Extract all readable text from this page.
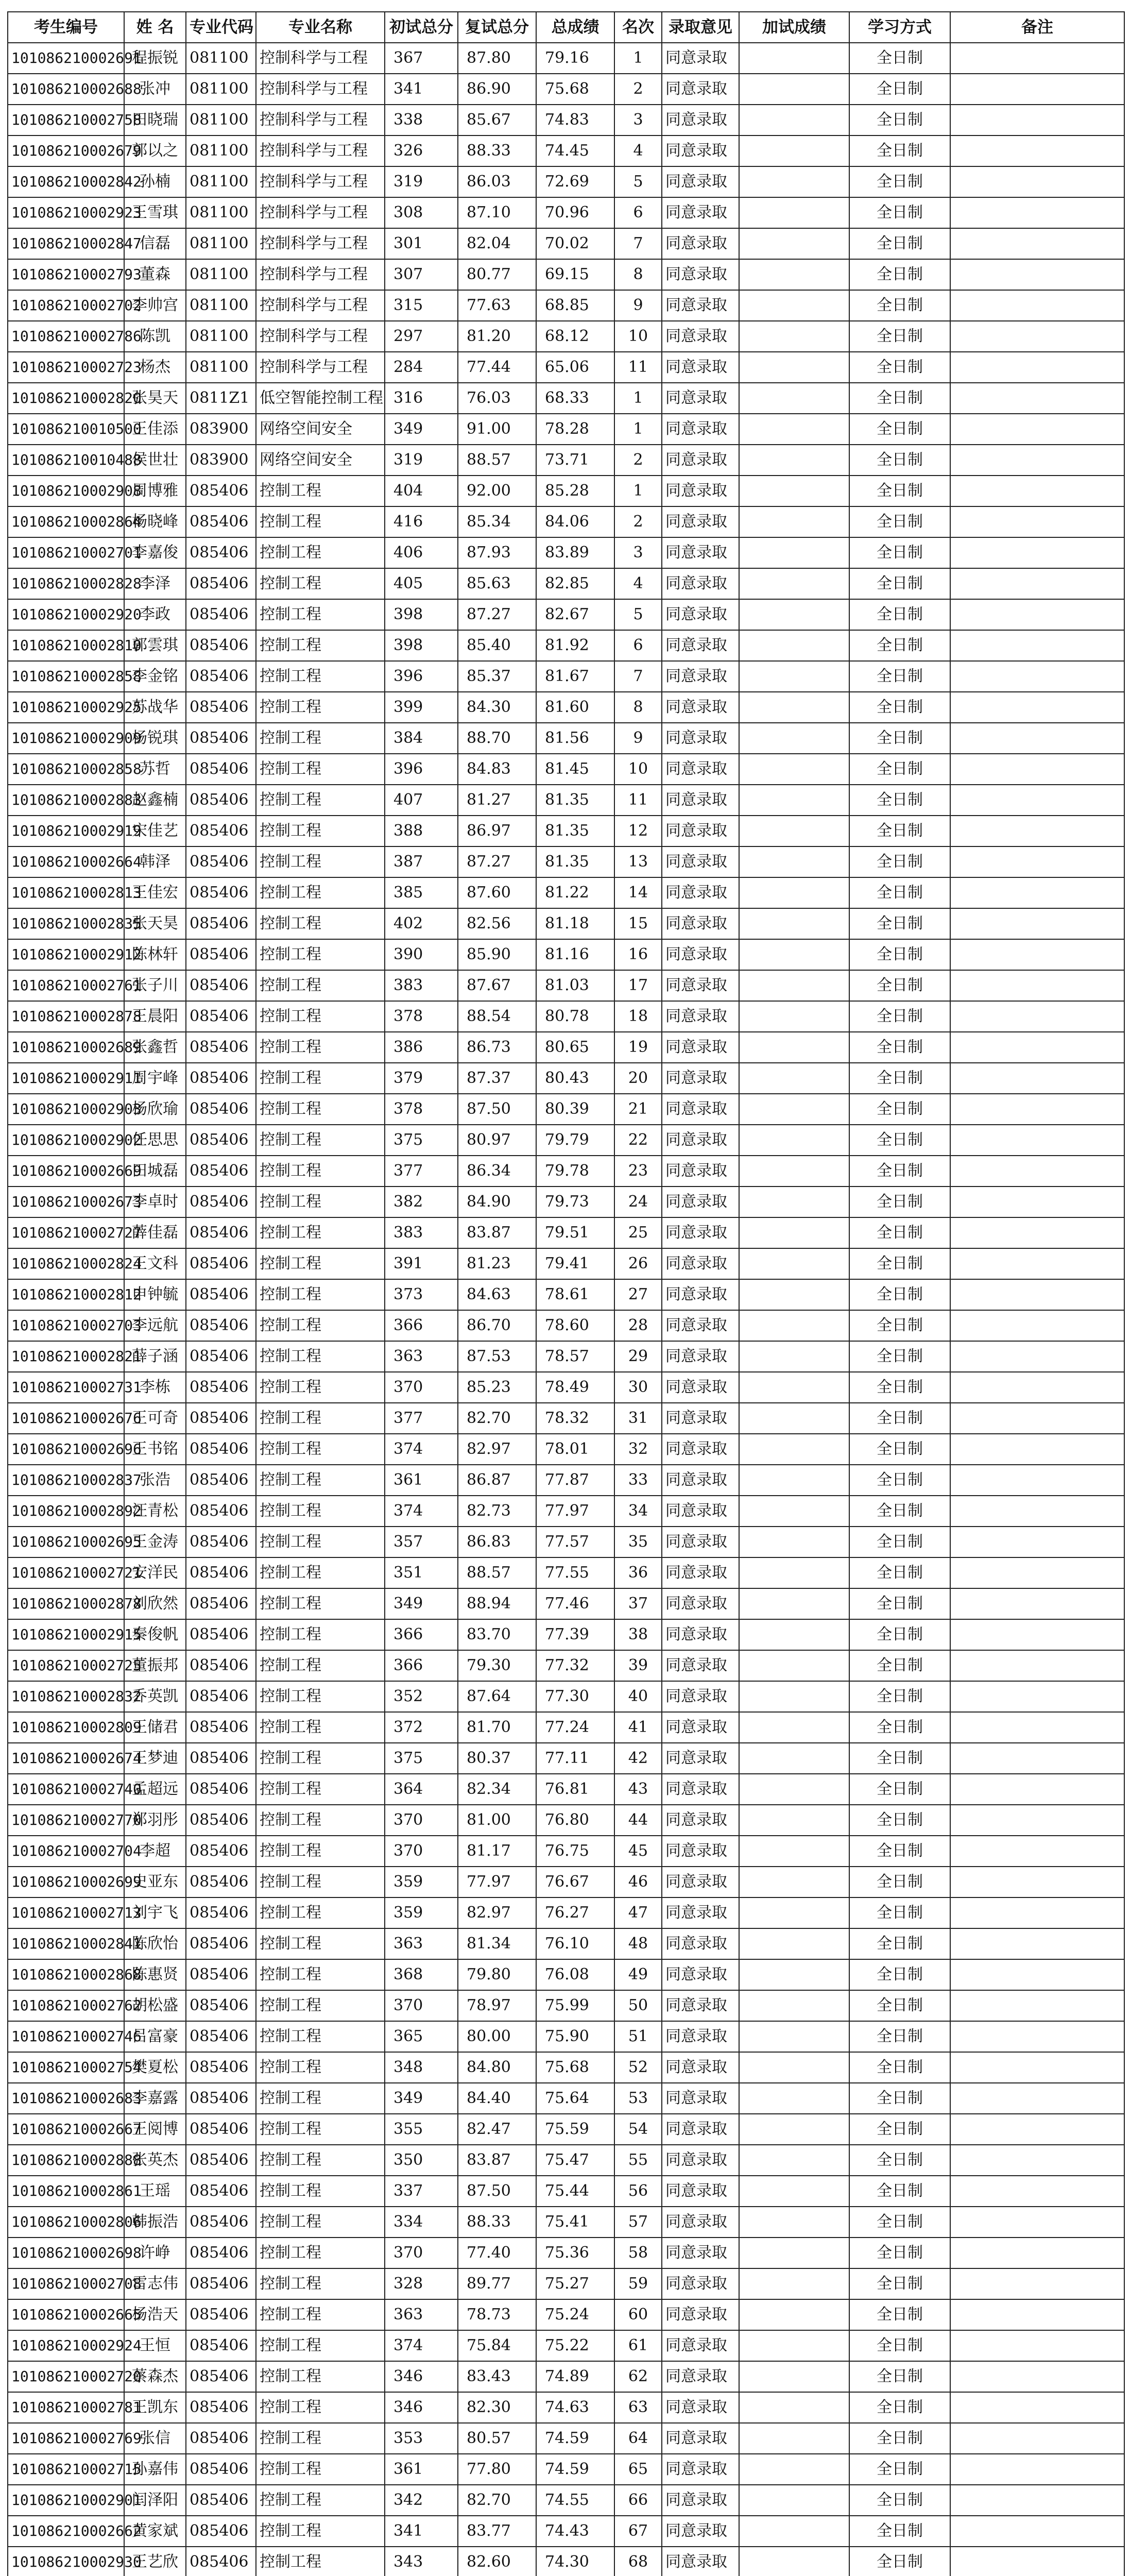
考生编号	姓 名	专业代码	专业名称	初试总分	复试总分	总成绩	名次	录取意见	加试成绩	学习方式	备注
101086210002691	程振锐	081100	控制科学与工程	367	87.80	79.16	1	同意录取		全日制	
101086210002688	张冲	081100	控制科学与工程	341	86.90	75.68	2	同意录取		全日制	
101086210002758	田晓瑞	081100	控制科学与工程	338	85.67	74.83	3	同意录取		全日制	
101086210002679	郭以之	081100	控制科学与工程	326	88.33	74.45	4	同意录取		全日制	
101086210002842	孙楠	081100	控制科学与工程	319	86.03	72.69	5	同意录取		全日制	
101086210002923	王雪琪	081100	控制科学与工程	308	87.10	70.96	6	同意录取		全日制	
101086210002847	信磊	081100	控制科学与工程	301	82.04	70.02	7	同意录取		全日制	
101086210002793	董森	081100	控制科学与工程	307	80.77	69.15	8	同意录取		全日制	
101086210002702	李帅宫	081100	控制科学与工程	315	77.63	68.85	9	同意录取		全日制	
101086210002786	陈凯	081100	控制科学与工程	297	81.20	68.12	10	同意录取		全日制	
101086210002723	杨杰	081100	控制科学与工程	284	77.44	65.06	11	同意录取		全日制	
101086210002820	张昊天	0811Z1	低空智能控制工程	316	76.03	68.33	1	同意录取		全日制	
101086210010500	王佳添	083900	网络空间安全	349	91.00	78.28	1	同意录取		全日制	
101086210010488	侯世壮	083900	网络空间安全	319	88.57	73.71	2	同意录取		全日制	
101086210002908	周博雅	085406	控制工程	404	92.00	85.28	1	同意录取		全日制	
101086210002864	杨晓峰	085406	控制工程	416	85.34	84.06	2	同意录取		全日制	
101086210002701	李嘉俊	085406	控制工程	406	87.93	83.89	3	同意录取		全日制	
101086210002828	李泽	085406	控制工程	405	85.63	82.85	4	同意录取		全日制	
101086210002920	李政	085406	控制工程	398	87.27	82.67	5	同意录取		全日制	
101086210002810	郭雲琪	085406	控制工程	398	85.40	81.92	6	同意录取		全日制	
101086210002858	李金铭	085406	控制工程	396	85.37	81.67	7	同意录取		全日制	
101086210002925	苏战华	085406	控制工程	399	84.30	81.60	8	同意录取		全日制	
101086210002909	杨锐琪	085406	控制工程	384	88.70	81.56	9	同意录取		全日制	
101086210002858	苏哲	085406	控制工程	396	84.83	81.45	10	同意录取		全日制	
101086210002883	赵鑫楠	085406	控制工程	407	81.27	81.35	11	同意录取		全日制	
101086210002919	宋佳艺	085406	控制工程	388	86.97	81.35	12	同意录取		全日制	
101086210002664	韩泽	085406	控制工程	387	87.27	81.35	13	同意录取		全日制	
101086210002813	王佳宏	085406	控制工程	385	87.60	81.22	14	同意录取		全日制	
101086210002835	张天昊	085406	控制工程	402	82.56	81.18	15	同意录取		全日制	
101086210002912	陈林轩	085406	控制工程	390	85.90	81.16	16	同意录取		全日制	
101086210002761	张子川	085406	控制工程	383	87.67	81.03	17	同意录取		全日制	
101086210002878	王晨阳	085406	控制工程	378	88.54	80.78	18	同意录取		全日制	
101086210002689	张鑫哲	085406	控制工程	386	86.73	80.65	19	同意录取		全日制	
101086210002911	周宇峰	085406	控制工程	379	87.37	80.43	20	同意录取		全日制	
101086210002903	杨欣瑜	085406	控制工程	378	87.50	80.39	21	同意录取		全日制	
101086210002902	任思思	085406	控制工程	375	80.97	79.79	22	同意录取		全日制	
101086210002669	田城磊	085406	控制工程	377	86.34	79.78	23	同意录取		全日制	
101086210002673	李卓时	085406	控制工程	382	84.90	79.73	24	同意录取		全日制	
101086210002727	薛佳磊	085406	控制工程	383	83.87	79.51	25	同意录取		全日制	
101086210002824	王文科	085406	控制工程	391	81.23	79.41	26	同意录取		全日制	
101086210002812	申钟毓	085406	控制工程	373	84.63	78.61	27	同意录取		全日制	
101086210002703	李远航	085406	控制工程	366	86.70	78.60	28	同意录取		全日制	
101086210002821	薛子涵	085406	控制工程	363	87.53	78.57	29	同意录取		全日制	
101086210002731	李栋	085406	控制工程	370	85.23	78.49	30	同意录取		全日制	
101086210002676	王可奇	085406	控制工程	377	82.70	78.32	31	同意录取		全日制	
101086210002696	王书铭	085406	控制工程	374	82.97	78.01	32	同意录取		全日制	
101086210002837	张浩	085406	控制工程	361	86.87	77.87	33	同意录取		全日制	
101086210002892	汪青松	085406	控制工程	374	82.73	77.97	34	同意录取		全日制	
101086210002695	王金涛	085406	控制工程	357	86.83	77.57	35	同意录取		全日制	
101086210002721	安洋民	085406	控制工程	351	88.57	77.55	36	同意录取		全日制	
101086210002878	刘欣然	085406	控制工程	349	88.94	77.46	37	同意录取		全日制	
101086210002915	秦俊帆	085406	控制工程	366	83.70	77.39	38	同意录取		全日制	
101086210002725	董振邦	085406	控制工程	366	79.30	77.32	39	同意录取		全日制	
101086210002832	乔英凯	085406	控制工程	352	87.64	77.30	40	同意录取		全日制	
101086210002809	王储君	085406	控制工程	372	81.70	77.24	41	同意录取		全日制	
101086210002674	王梦迪	085406	控制工程	375	80.37	77.11	42	同意录取		全日制	
101086210002740	孟超远	085406	控制工程	364	82.34	76.81	43	同意录取		全日制	
101086210002770	郑羽彤	085406	控制工程	370	81.00	76.80	44	同意录取		全日制	
101086210002704	李超	085406	控制工程	370	81.17	76.75	45	同意录取		全日制	
101086210002699	史亚东	085406	控制工程	359	77.97	76.67	46	同意录取		全日制	
101086210002713	刘宇飞	085406	控制工程	359	82.97	76.27	47	同意录取		全日制	
101086210002841	陈欣怡	085406	控制工程	363	81.34	76.10	48	同意录取		全日制	
101086210002868	陈惠贤	085406	控制工程	368	79.80	76.08	49	同意录取		全日制	
101086210002762	胡松盛	085406	控制工程	370	78.97	75.99	50	同意录取		全日制	
101086210002746	吕富豪	085406	控制工程	365	80.00	75.90	51	同意录取		全日制	
101086210002754	樊夏松	085406	控制工程	348	84.80	75.68	52	同意录取		全日制	
101086210002683	李嘉露	085406	控制工程	349	84.40	75.64	53	同意录取		全日制	
101086210002667	王阅博	085406	控制工程	355	82.47	75.59	54	同意录取		全日制	
101086210002888	张英杰	085406	控制工程	350	83.87	75.47	55	同意录取		全日制	
101086210002861	王瑶	085406	控制工程	337	87.50	75.44	56	同意录取		全日制	
101086210002806	韩振浩	085406	控制工程	334	88.33	75.41	57	同意录取		全日制	
101086210002698	许峥	085406	控制工程	370	77.40	75.36	58	同意录取		全日制	
101086210002708	雷志伟	085406	控制工程	328	89.77	75.27	59	同意录取		全日制	
101086210002665	杨浩天	085406	控制工程	363	78.73	75.24	60	同意录取		全日制	
101086210002924	王恒	085406	控制工程	374	75.84	75.22	61	同意录取		全日制	
101086210002720	蔡森杰	085406	控制工程	346	83.43	74.89	62	同意录取		全日制	
101086210002781	王凯东	085406	控制工程	346	82.30	74.63	63	同意录取		全日制	
101086210002769	张信	085406	控制工程	353	80.57	74.59	64	同意录取		全日制	
101086210002715	孙嘉伟	085406	控制工程	361	77.80	74.59	65	同意录取		全日制	
101086210002901	闫泽阳	085406	控制工程	342	82.70	74.55	66	同意录取		全日制	
101086210002662	黄家斌	085406	控制工程	341	83.77	74.43	67	同意录取		全日制	
101086210002930	王艺欣	085406	控制工程	343	82.60	74.30	68	同意录取		全日制	
